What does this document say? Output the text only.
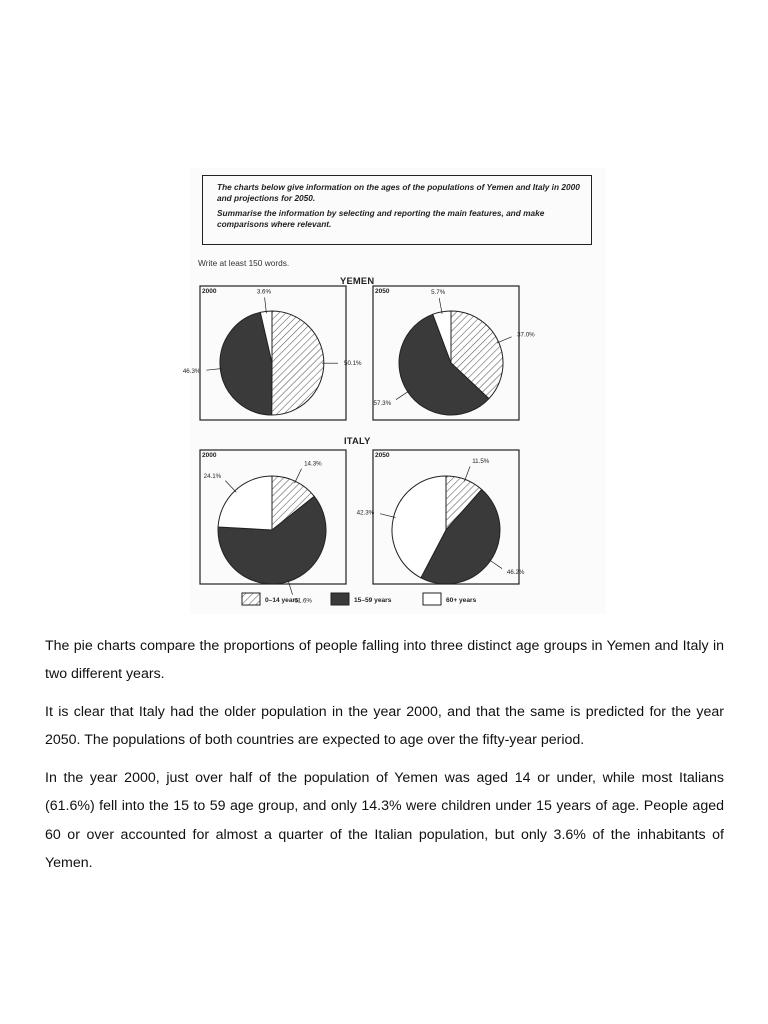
The charts below give information on the ages of the populations of Yemen and Italy in 2000 and projections for 2050.

Summarise the information by selecting and reporting the main features, and make comparisons where relevant.

Write at least 150 words.
YEMEN
ITALY
2000
50.1%
46.3%
3.6%	2050
37.0%
57.3%
5.7%
2000
14.3%
61.6%
24.1%
2050
11.5%
46.2%
42.3%
0–14 years	15–59 years	60+ years

The pie charts compare the proportions of people falling into three distinct age groups in Yemen and Italy in two different years.

It is clear that Italy had the older population in the year 2000, and that the same is predicted for the year 2050. The populations of both countries are expected to age over the fifty-year period.

In the year 2000, just over half of the population of Yemen was aged 14 or under, while most Italians (61.6%) fell into the 15 to 59 age group, and only 14.3% were children under 15 years of age. People aged 60 or over accounted for almost a quarter of the Italian population, but only 3.6% of the inhabitants of Yemen.
